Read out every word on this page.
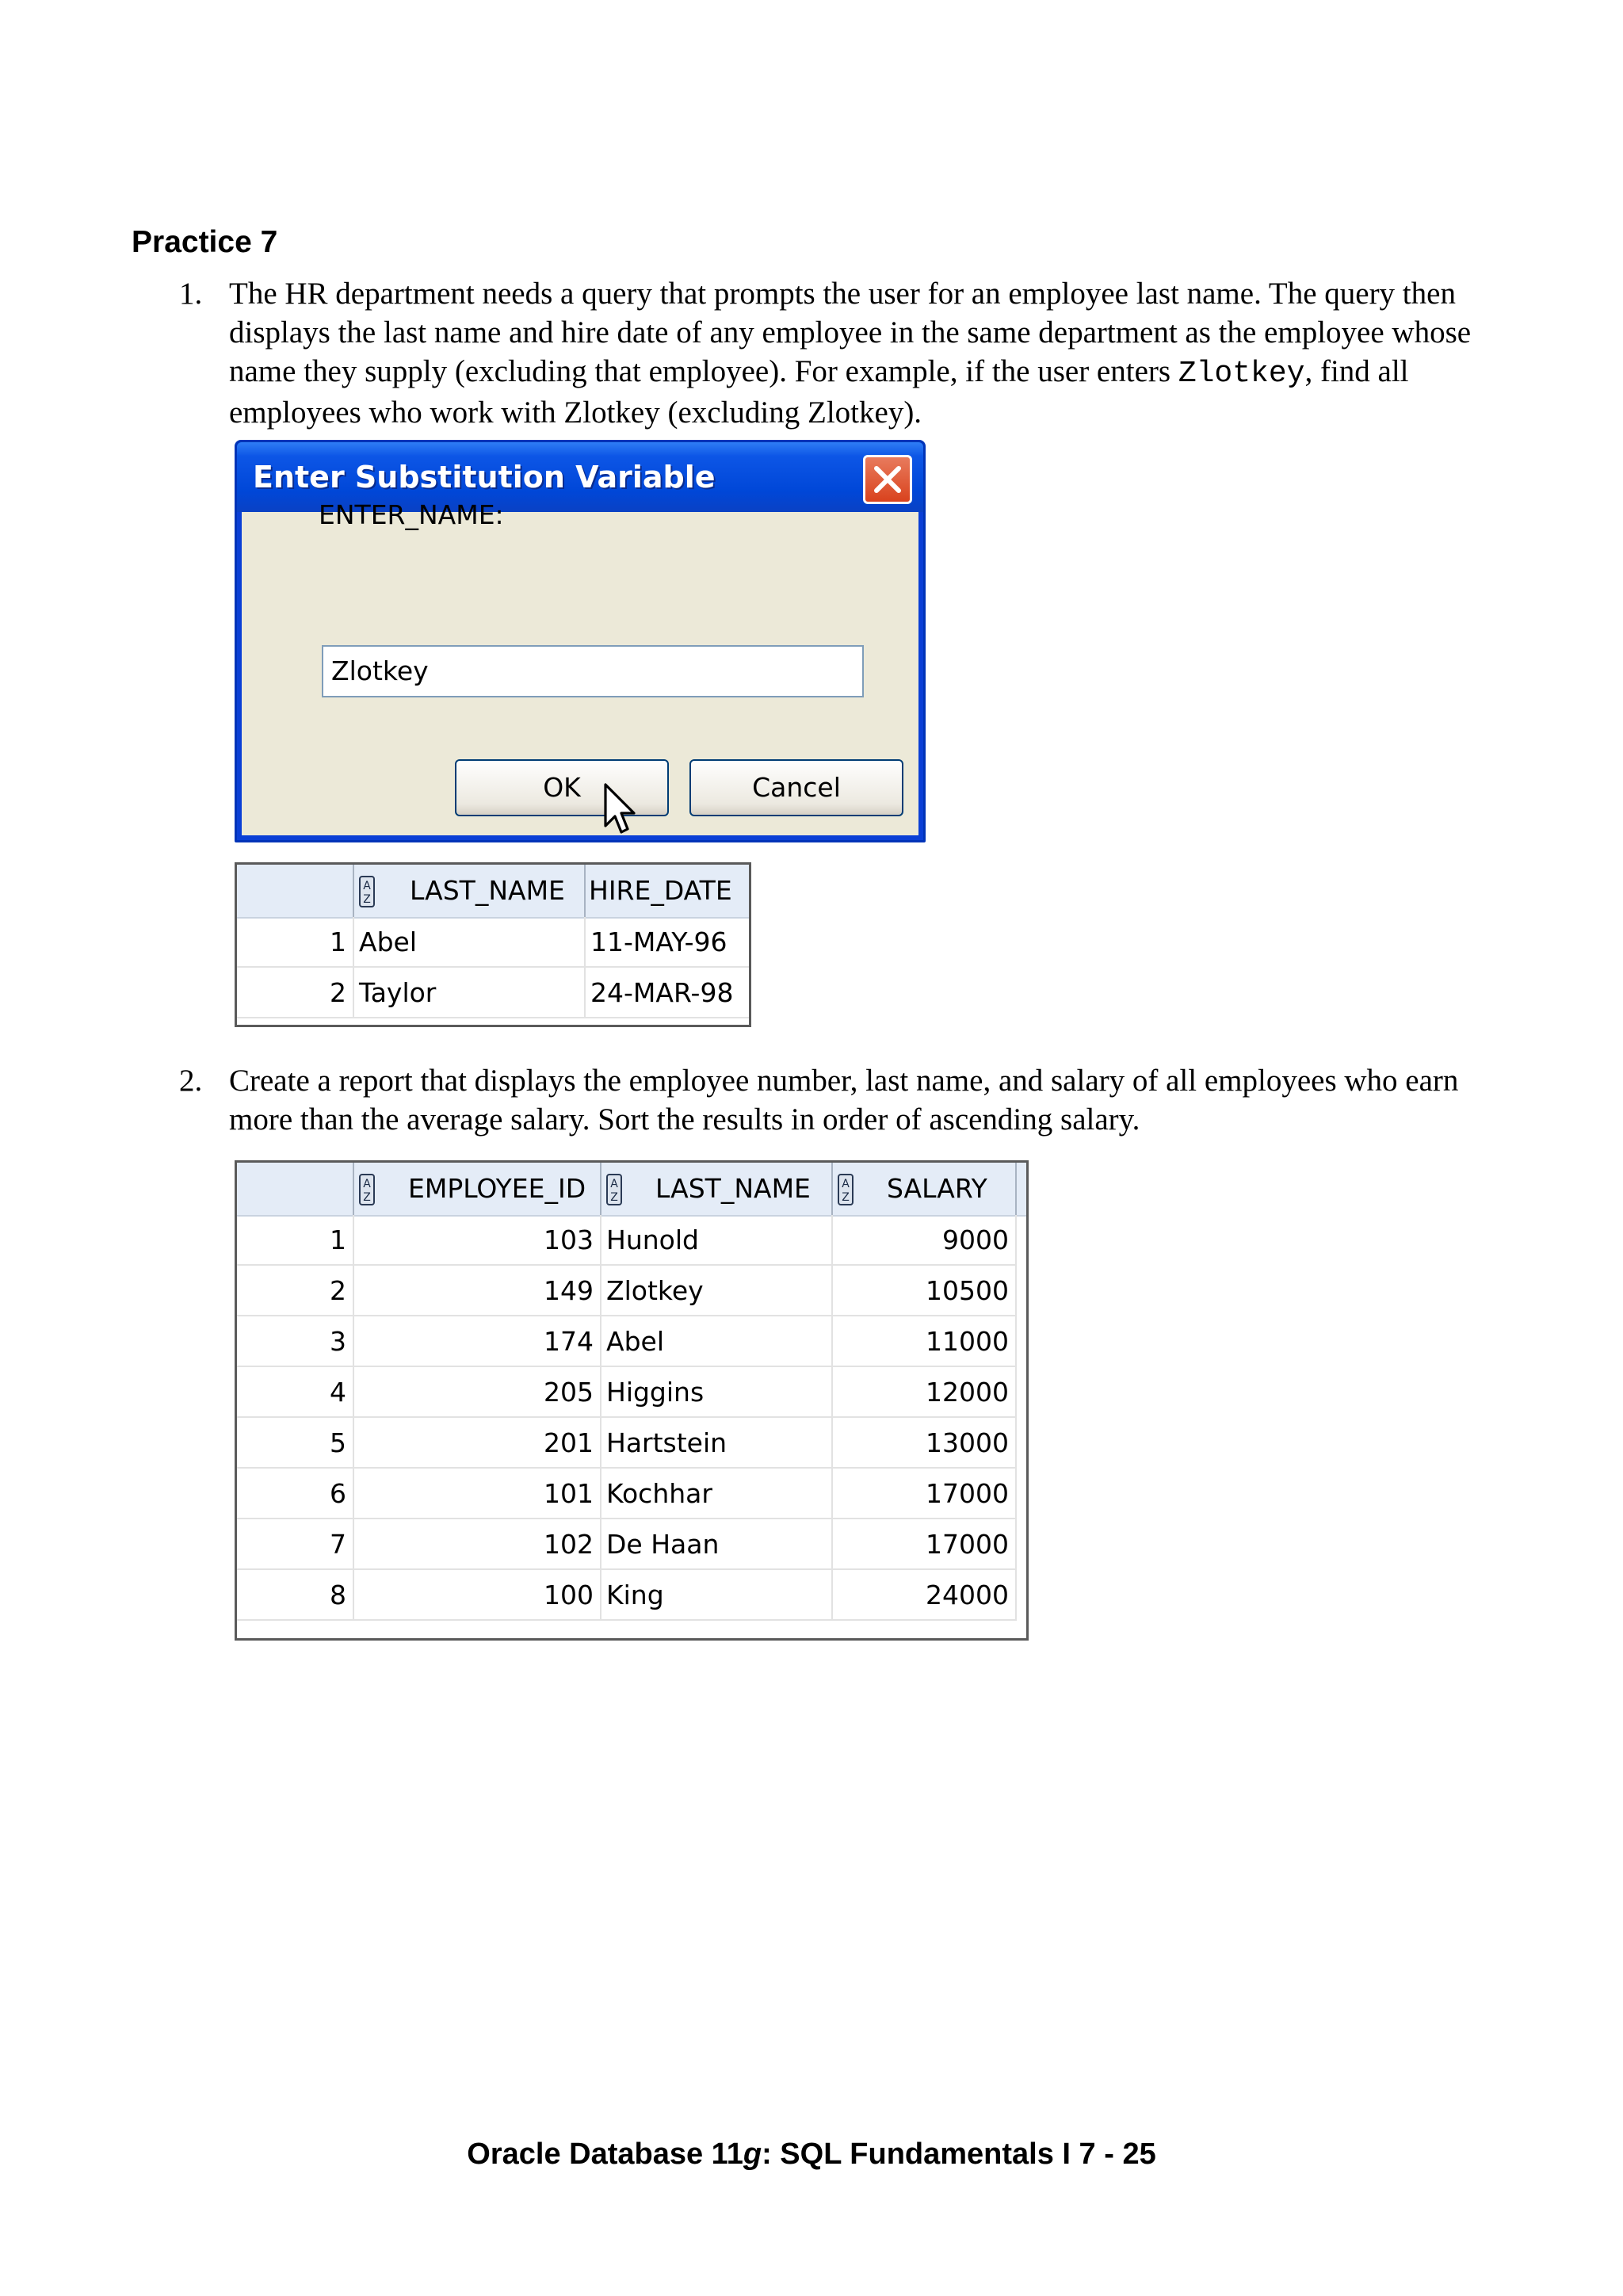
Practice 7
1. The HR department needs a query that prompts the user for an employee last name. The query then displays the last name and hire date of any employee in the same department as the employee whose name they supply (excluding that employee). For example, if the user enters Zlotkey, find all employees who work with Zlotkey (excluding Zlotkey).
Enter Substitution Variable
ENTER_NAME:
Zlotkey
OK	Cancel
A
Z LAST_NAME HIRE_DATE
1 Abel	11-MAY-96
2 Taylor	24-MAR-98
2. Create a report that displays the employee number, last name, and salary of all employees who earn more than the average salary. Sort the results in order of ascending salary.
A
Z EMPLOYEE_ID	A
Z LAST_NAME	A
Z SALARY
1	103 Hunold	9000
2	149 Zlotkey	10500
3	174 Abel	11000
4	205 Higgins	12000
5	201 Hartstein	13000
6	101 Kochhar	17000
7	102 De Haan	17000
8	100 King	24000
Oracle Database 11g: SQL Fundamentals I 7 - 25
